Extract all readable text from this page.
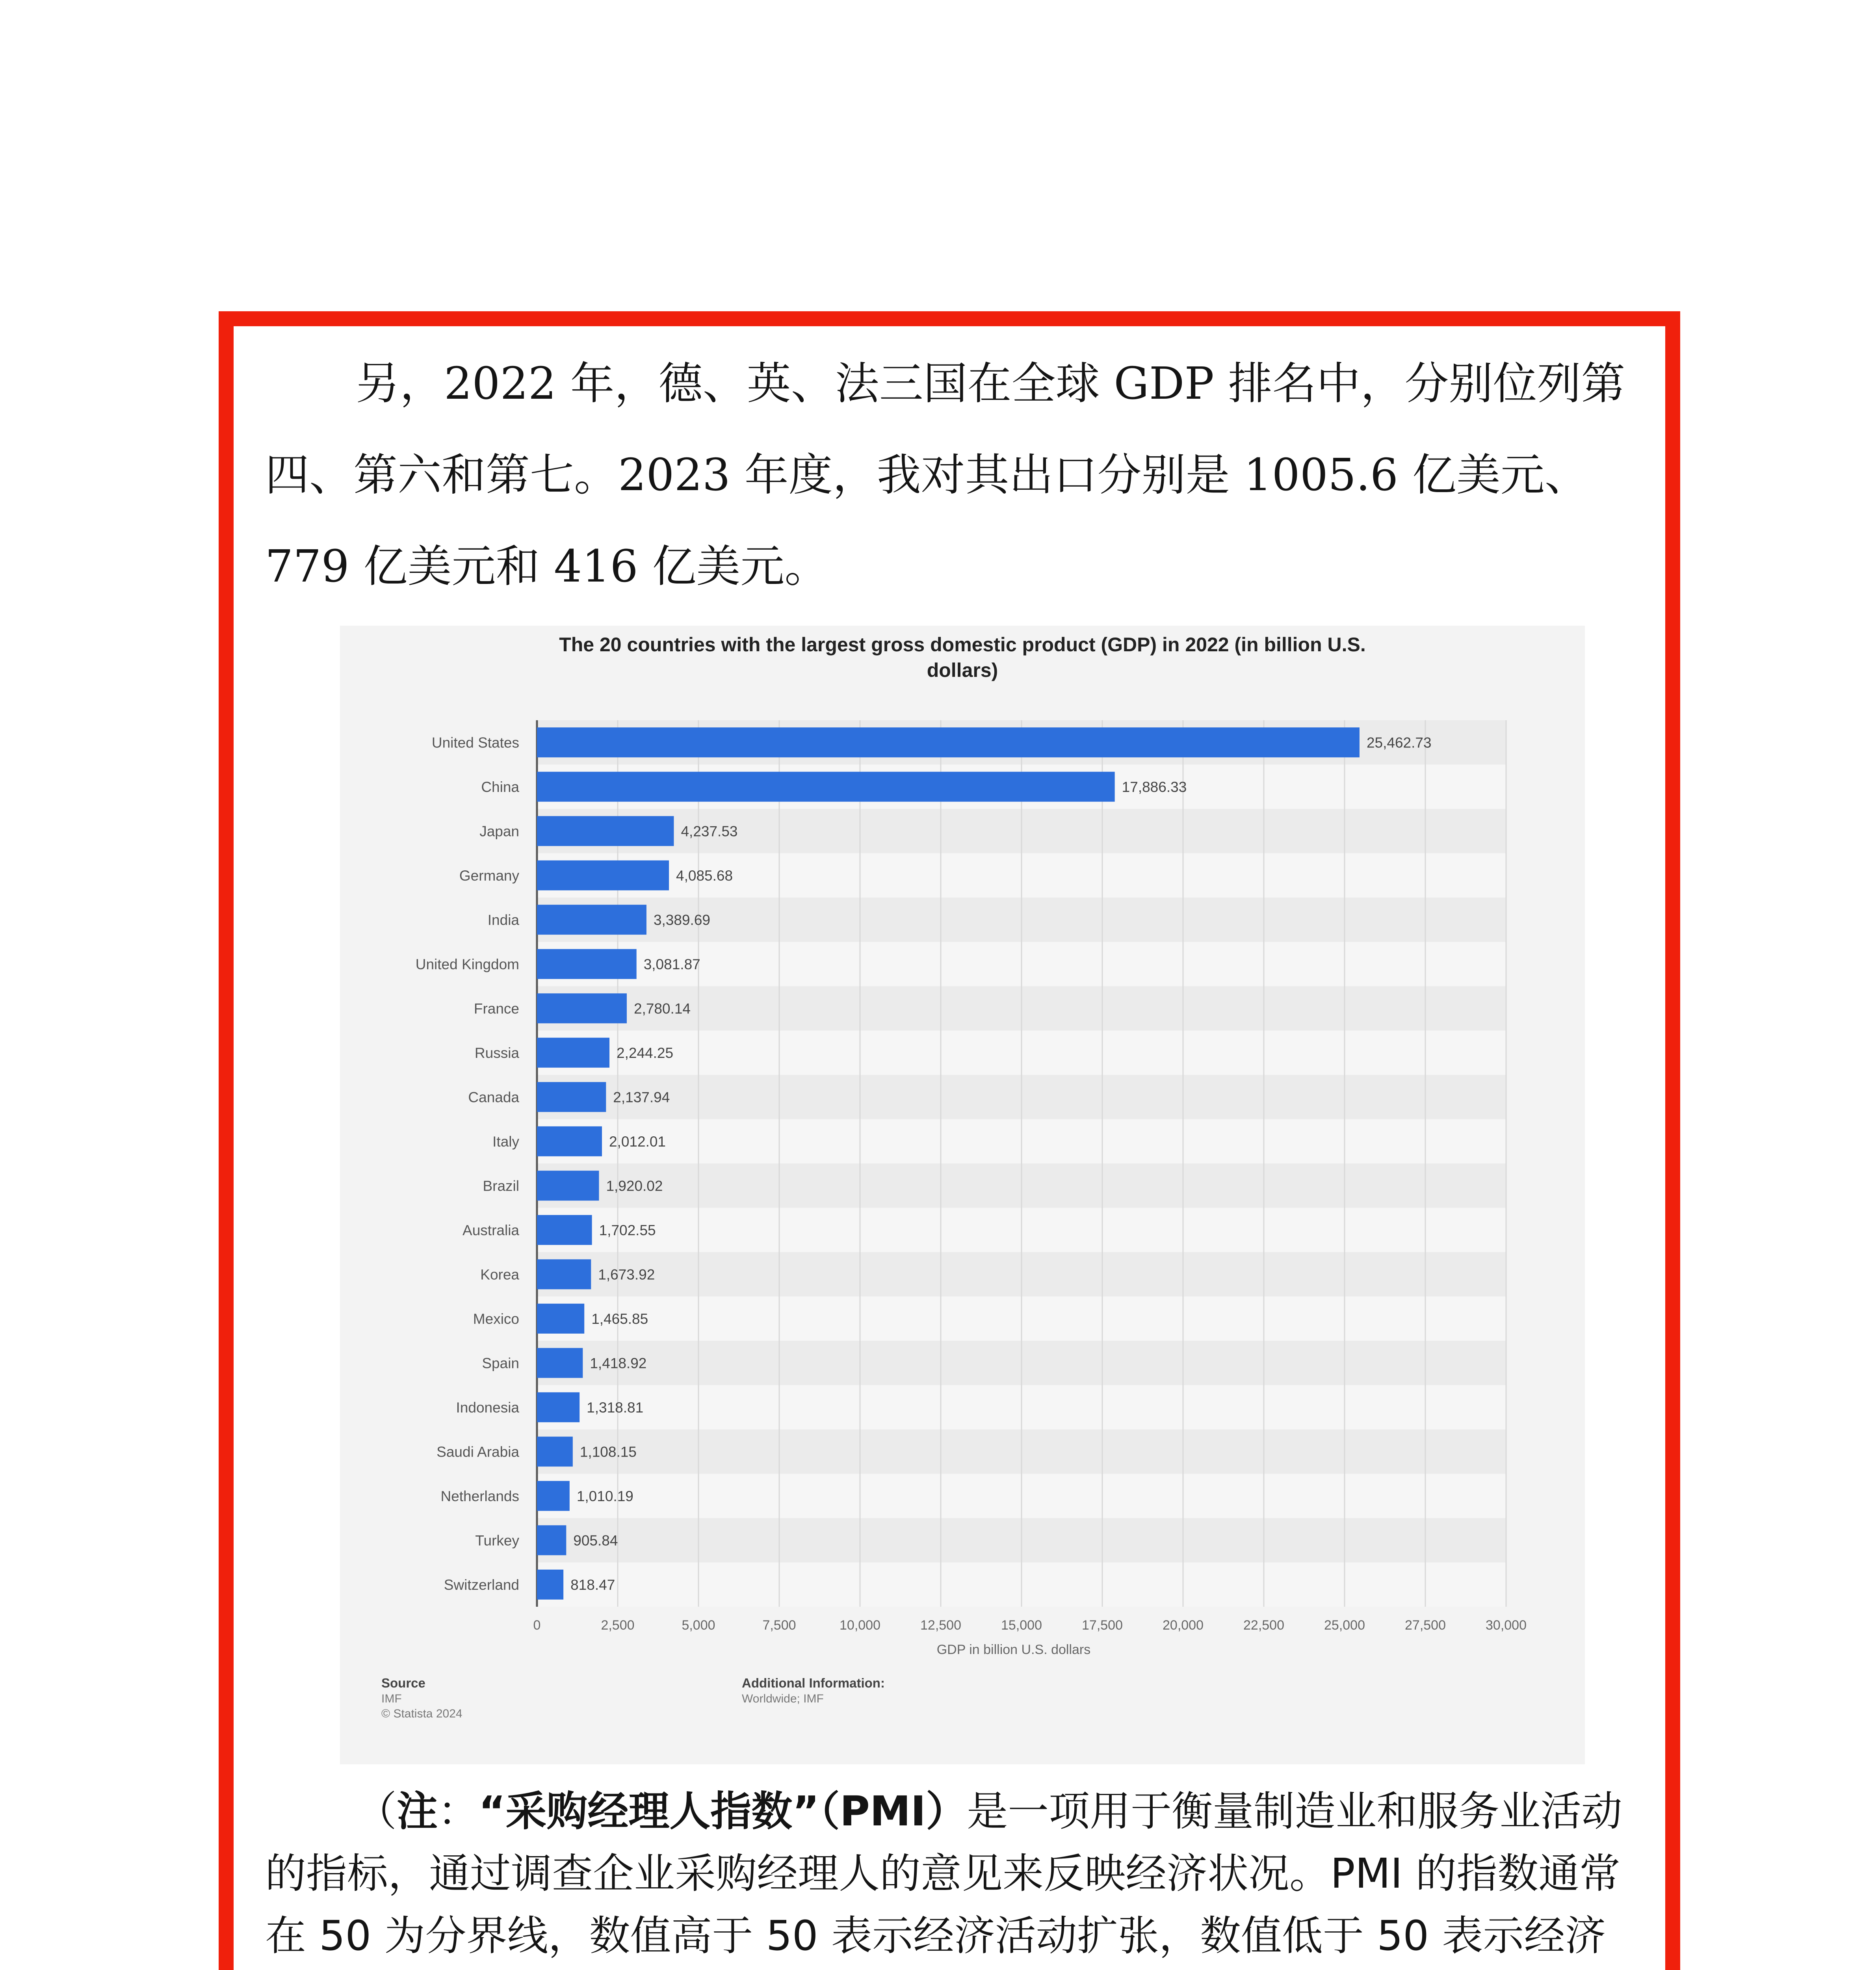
另，2022 年，德、英、法三国在全球 GDP 排名中，分别位列第四、第六和第七。2023 年度，我对其出口分别是 1005.6 亿美元、779 亿美元和 416 亿美元。

The 20 countries with the largest gross domestic product (GDP) in 2022 (in billion U.S.
dollars)
0	2,500	5,000	7,500	10,000	12,500	15,000	17,500	20,000	22,500	25,000	27,500	30,000
United States	25,462.73
China	17,886.33
Japan	4,237.53
Germany	4,085.68
India	3,389.69
United Kingdom	3,081.87
France	2,780.14
Russia	2,244.25
Canada	2,137.94
Italy	2,012.01
Brazil	1,920.02
Australia	1,702.55
Korea	1,673.92
Mexico	1,465.85
Spain	1,418.92
Indonesia	1,318.81
Saudi Arabia	1,108.15
Netherlands	1,010.19
Turkey	905.84
Switzerland	818.47
GDP in billion U.S. dollars
Source
IMF
© Statista 2024
Additional Information:
Worldwide; IMF

（注：“采购经理人指数”（PMI）是一项用于衡量制造业和服务业活动的指标，通过调查企业采购经理人的意见来反映经济状况。PMI 的指数通常在 50 为分界线，数值高于 50 表示经济活动扩张，数值低于 50 表示经济
